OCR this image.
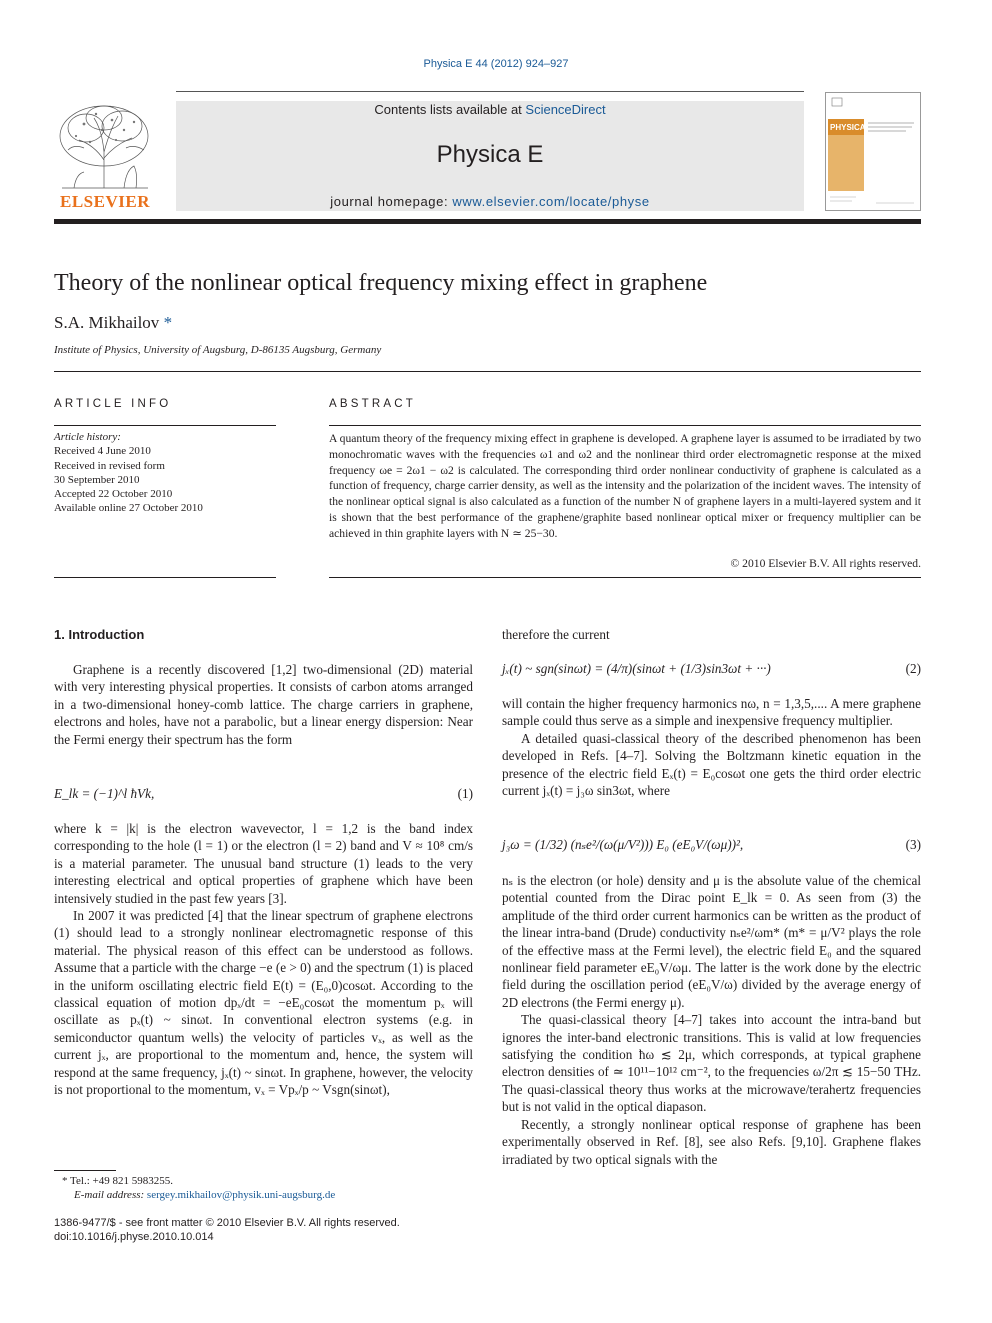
Physica E 44 (2012) 924–927
ELSEVIER
Contents lists available at ScienceDirect
Physica E
journal homepage: www.elsevier.com/locate/physe
PHYSICA
Theory of the nonlinear optical frequency mixing effect in graphene
S.A. Mikhailov *
Institute of Physics, University of Augsburg, D-86135 Augsburg, Germany
ARTICLE INFO
Article history:
Received 4 June 2010
Received in revised form
30 September 2010
Accepted 22 October 2010
Available online 27 October 2010
ABSTRACT
A quantum theory of the frequency mixing effect in graphene is developed. A graphene layer is assumed to be irradiated by two monochromatic waves with the frequencies ω1 and ω2 and the nonlinear third order electromagnetic response at the mixed frequency ωe = 2ω1 − ω2 is calculated. The corresponding third order nonlinear conductivity of graphene is calculated as a function of frequency, charge carrier density, as well as the intensity and the polarization of the incident waves. The intensity of the nonlinear optical signal is also calculated as a function of the number N of graphene layers in a multi-layered system and it is shown that the best performance of the graphene/graphite based nonlinear optical mixer or frequency multiplier can be achieved in thin graphite layers with N ≃ 25−30.
© 2010 Elsevier B.V. All rights reserved.
1. Introduction

Graphene is a recently discovered [1,2] two-dimensional (2D) material with very interesting physical properties. It consists of carbon atoms arranged in a two-dimensional honey-comb lattice. The charge carriers in graphene, electrons and holes, have not a parabolic, but a linear energy dispersion: Near the Fermi energy their spectrum has the form

E_lk = (−1)^l ħVk,	(1)

where k = |k| is the electron wavevector, l = 1,2 is the band index corresponding to the hole (l = 1) or the electron (l = 2) band and V ≈ 10⁸ cm/s is a material parameter. The unusual band structure (1) leads to the very interesting electrical and optical properties of graphene which have been intensively studied in the past few years [3].

In 2007 it was predicted [4] that the linear spectrum of graphene electrons (1) should lead to a strongly nonlinear electromagnetic response of this material. The physical reason of this effect can be understood as follows. Assume that a particle with the charge −e (e > 0) and the spectrum (1) is placed in the uniform oscillating electric field E(t) = (E₀,0)cosωt. According to the classical equation of motion dpₓ/dt = −eE₀cosωt the momentum pₓ will oscillate as pₓ(t) ~ sinωt. In conventional electron systems (e.g. in semiconductor quantum wells) the velocity of particles vₓ, as well as the current jₓ, are proportional to the momentum and, hence, the system will respond at the same frequency, jₓ(t) ~ sinωt. In graphene, however, the velocity is not proportional to the momentum, vₓ = Vpₓ/p ~ Vsgn(sinωt),

therefore the current

jₓ(t) ~ sgn(sinωt) = (4/π)(sinωt + (1/3)sin3ωt + ···)	(2)

will contain the higher frequency harmonics nω, n = 1,3,5,.... A mere graphene sample could thus serve as a simple and inexpensive frequency multiplier.

A detailed quasi-classical theory of the described phenomenon has been developed in Refs. [4–7]. Solving the Boltzmann kinetic equation in the presence of the electric field Eₓ(t) = E₀cosωt one gets the third order electric current jₓ(t) = j₃ω sin3ωt, where

j₃ω = (1/32) (nₛe²/(ω(μ/V²))) E₀ (eE₀V/(ωμ))²,	(3)

nₛ is the electron (or hole) density and μ is the absolute value of the chemical potential counted from the Dirac point E_lk = 0. As seen from (3) the amplitude of the third order current harmonics can be written as the product of the linear intra-band (Drude) conductivity nₛe²/ωm* (m* = μ/V² plays the role of the effective mass at the Fermi level), the electric field E₀ and the squared nonlinear field parameter eE₀V/ωμ. The latter is the work done by the electric field during the oscillation period (eE₀V/ω) divided by the average energy of 2D electrons (the Fermi energy μ).

The quasi-classical theory [4–7] takes into account the intra-band but ignores the inter-band electronic transitions. This is valid at low frequencies satisfying the condition ħω ≲ 2μ, which corresponds, at typical graphene electron densities of ≃ 10¹¹−10¹² cm⁻², to the frequencies ω/2π ≲ 15−50 THz. The quasi-classical theory thus works at the microwave/terahertz frequencies but is not valid in the optical diapason.

Recently, a strongly nonlinear optical response of graphene has been experimentally observed in Ref. [8], see also Refs. [9,10]. Graphene flakes irradiated by two optical signals with the

* Tel.: +49 821 5983255.
E-mail address: sergey.mikhailov@physik.uni-augsburg.de
1386-9477/$ - see front matter © 2010 Elsevier B.V. All rights reserved.
doi:10.1016/j.physe.2010.10.014
